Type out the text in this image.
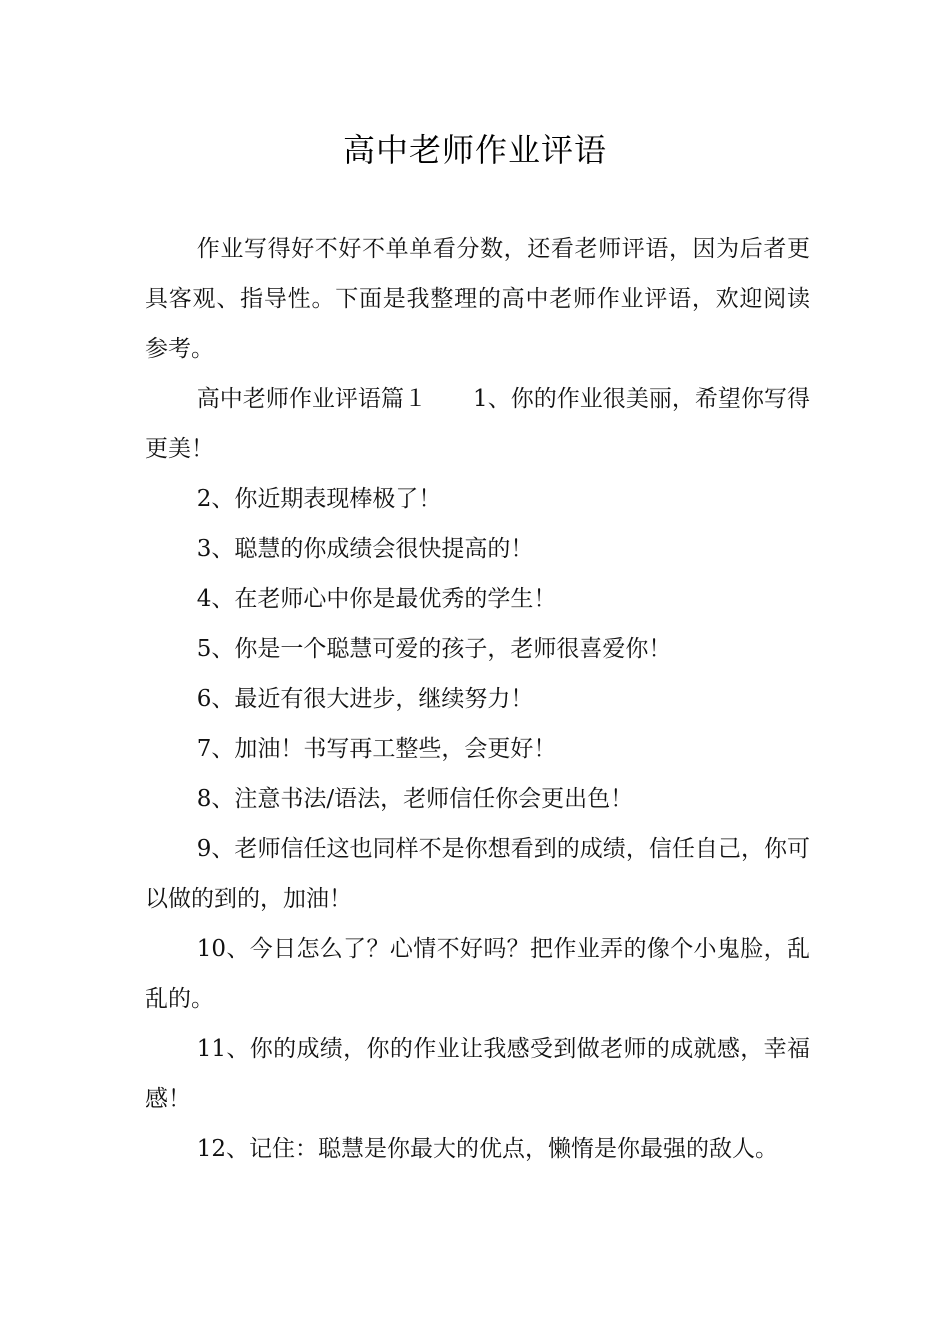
高中老师作业评语

作业写得好不好不单单看分数，还看老师评语，因为后者更具客观、指导性。下面是我整理的高中老师作业评语，欢迎阅读参考。

高中老师作业评语篇１　　1、你的作业很美丽，希望你写得更美！

2、你近期表现棒极了！

3、聪慧的你成绩会很快提高的！

4、在老师心中你是最优秀的学生！

5、你是一个聪慧可爱的孩子，老师很喜爱你！

6、最近有很大进步，继续努力！

7、加油！书写再工整些，会更好！

8、注意书法/语法，老师信任你会更出色！

9、老师信任这也同样不是你想看到的成绩，信任自己，你可以做的到的，加油！

10、今日怎么了？心情不好吗？把作业弄的像个小鬼脸，乱乱的。

11、你的成绩，你的作业让我感受到做老师的成就感，幸福感！

12、记住：聪慧是你最大的优点，懒惰是你最强的敌人。
